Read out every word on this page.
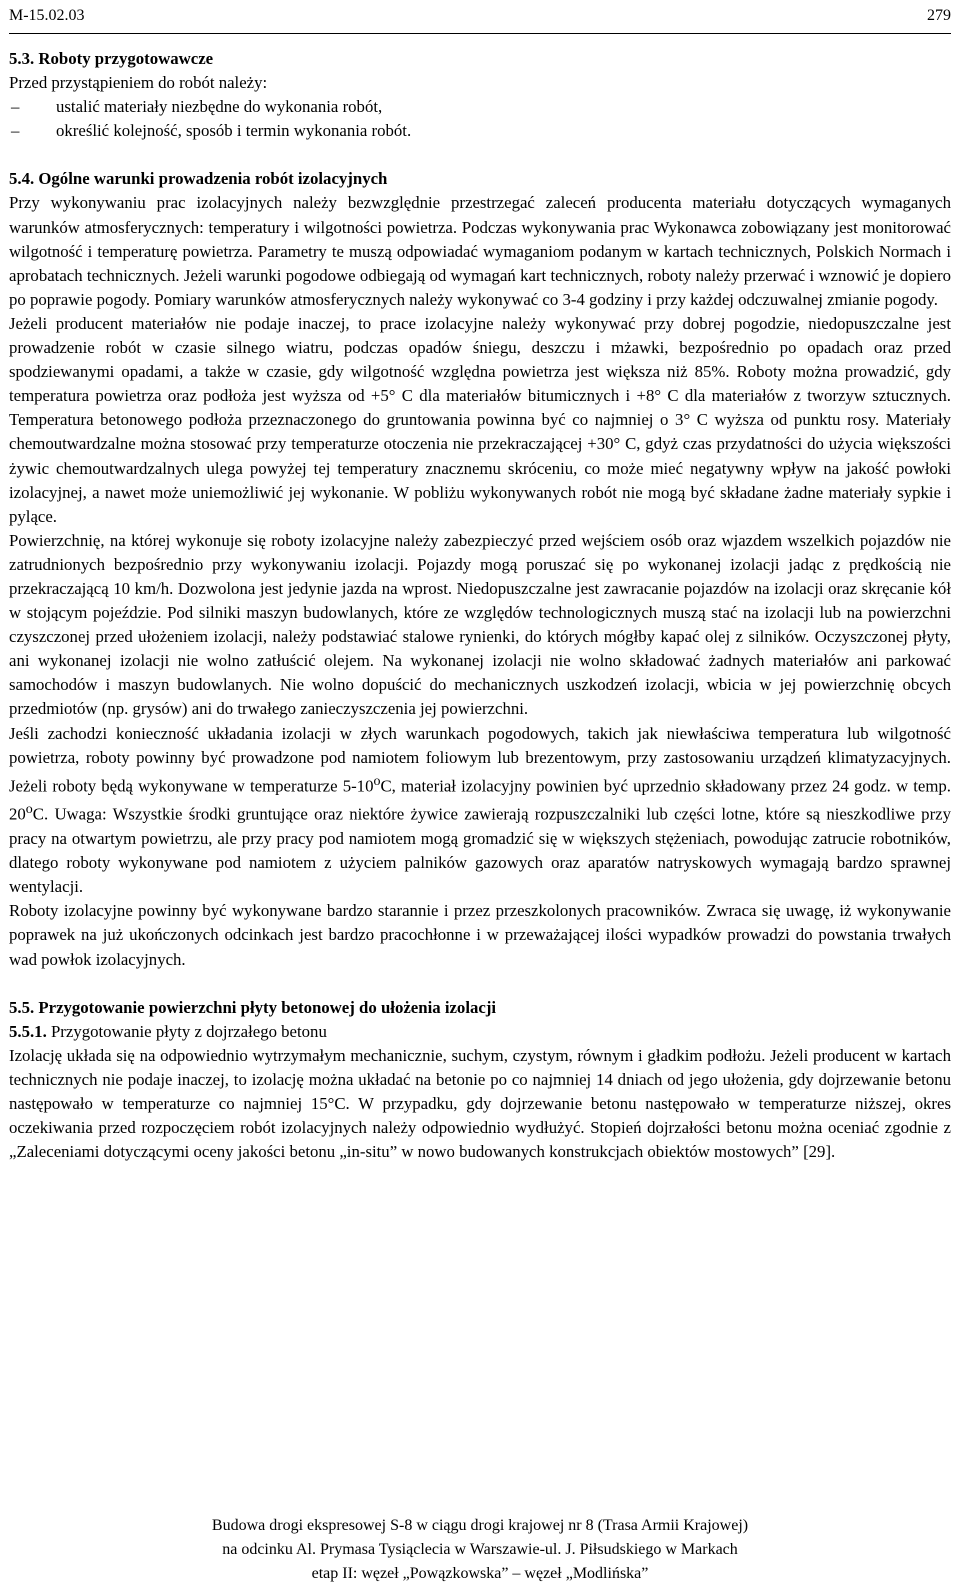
M-15.02.03	279

5.3. Roboty przygotowawcze

Przed przystąpieniem do robót należy:

– ustalić materiały niezbędne do wykonania robót,
– określić kolejność, sposób i termin wykonania robót.

5.4. Ogólne warunki prowadzenia robót izolacyjnych

Przy wykonywaniu prac izolacyjnych należy bezwzględnie przestrzegać zaleceń producenta materiału dotyczących wymaganych warunków atmosferycznych: temperatury i wilgotności powietrza. Podczas wykonywania prac Wykonawca zobowiązany jest monitorować wilgotność i temperaturę powietrza. Parametry te muszą odpowiadać wymaganiom podanym w kartach technicznych, Polskich Normach i aprobatach technicznych. Jeżeli warunki pogodowe odbiegają od wymagań kart technicznych, roboty należy przerwać i wznowić je dopiero po poprawie pogody. Pomiary warunków atmosferycznych należy wykonywać co 3-4 godziny i przy każdej odczuwalnej zmianie pogody.

Jeżeli producent materiałów nie podaje inaczej, to prace izolacyjne należy wykonywać przy dobrej pogodzie, niedopuszczalne jest prowadzenie robót w czasie silnego wiatru, podczas opadów śniegu, deszczu i mżawki, bezpośrednio po opadach oraz przed spodziewanymi opadami, a także w czasie, gdy wilgotność względna powietrza jest większa niż 85%. Roboty można prowadzić, gdy temperatura powietrza oraz podłoża jest wyższa od +5° C dla materiałów bitumicznych i +8° C dla materiałów z tworzyw sztucznych. Temperatura betonowego podłoża przeznaczonego do gruntowania powinna być co najmniej o 3° C wyższa od punktu rosy. Materiały chemoutwardzalne można stosować przy temperaturze otoczenia nie przekraczającej +30° C, gdyż czas przydatności do użycia większości żywic chemoutwardzalnych ulega powyżej tej temperatury znacznemu skróceniu, co może mieć negatywny wpływ na jakość powłoki izolacyjnej, a nawet może uniemożliwić jej wykonanie. W pobliżu wykonywanych robót nie mogą być składane żadne materiały sypkie i pylące.

Powierzchnię, na której wykonuje się roboty izolacyjne należy zabezpieczyć przed wejściem osób oraz wjazdem wszelkich pojazdów nie zatrudnionych bezpośrednio przy wykonywaniu izolacji. Pojazdy mogą poruszać się po wykonanej izolacji jadąc z prędkością nie przekraczającą 10 km/h. Dozwolona jest jedynie jazda na wprost. Niedopuszczalne jest zawracanie pojazdów na izolacji oraz skręcanie kół w stojącym pojeździe. Pod silniki maszyn budowlanych, które ze względów technologicznych muszą stać na izolacji lub na powierzchni czyszczonej przed ułożeniem izolacji, należy podstawiać stalowe rynienki, do których mógłby kapać olej z silników. Oczyszczonej płyty, ani wykonanej izolacji nie wolno zatłuścić olejem. Na wykonanej izolacji nie wolno składować żadnych materiałów ani parkować samochodów i maszyn budowlanych. Nie wolno dopuścić do mechanicznych uszkodzeń izolacji, wbicia w jej powierzchnię obcych przedmiotów (np. grysów) ani do trwałego zanieczyszczenia jej powierzchni.

Jeśli zachodzi konieczność układania izolacji w złych warunkach pogodowych, takich jak niewłaściwa temperatura lub wilgotność powietrza, roboty powinny być prowadzone pod namiotem foliowym lub brezentowym, przy zastosowaniu urządzeń klimatyzacyjnych. Jeżeli roboty będą wykonywane w temperaturze 5-10$^o$C, materiał izolacyjny powinien być uprzednio składowany przez 24 godz. w temp. 20$^o$C. Uwaga: Wszystkie środki gruntujące oraz niektóre żywice zawierają rozpuszczalniki lub części lotne, które są nieszkodliwe przy pracy na otwartym powietrzu, ale przy pracy pod namiotem mogą gromadzić się w większych stężeniach, powodując zatrucie robotników, dlatego roboty wykonywane pod namiotem z użyciem palników gazowych oraz aparatów natryskowych wymagają bardzo sprawnej wentylacji.

Roboty izolacyjne powinny być wykonywane bardzo starannie i przez przeszkolonych pracowników. Zwraca się uwagę, iż wykonywanie poprawek na już ukończonych odcinkach jest bardzo pracochłonne i w przeważającej ilości wypadków prowadzi do powstania trwałych wad powłok izolacyjnych.

5.5. Przygotowanie powierzchni płyty betonowej do ułożenia izolacji

5.5.1. Przygotowanie płyty z dojrzałego betonu

Izolację układa się na odpowiednio wytrzymałym mechanicznie, suchym, czystym, równym i gładkim podłożu. Jeżeli producent w kartach technicznych nie podaje inaczej, to izolację można układać na betonie po co najmniej 14 dniach od jego ułożenia, gdy dojrzewanie betonu następowało w temperaturze co najmniej 15°C. W przypadku, gdy dojrzewanie betonu następowało w temperaturze niższej, okres oczekiwania przed rozpoczęciem robót izolacyjnych należy odpowiednio wydłużyć. Stopień dojrzałości betonu można oceniać zgodnie z „Zaleceniami dotyczącymi oceny jakości betonu „in-situ” w nowo budowanych konstrukcjach obiektów mostowych” [29].

Budowa drogi ekspresowej S-8 w ciągu drogi krajowej nr 8 (Trasa Armii Krajowej)
na odcinku Al. Prymasa Tysiąclecia w Warszawie-ul. J. Piłsudskiego w Markach
etap II: węzeł „Powązkowska” – węzeł „Modlińska”
